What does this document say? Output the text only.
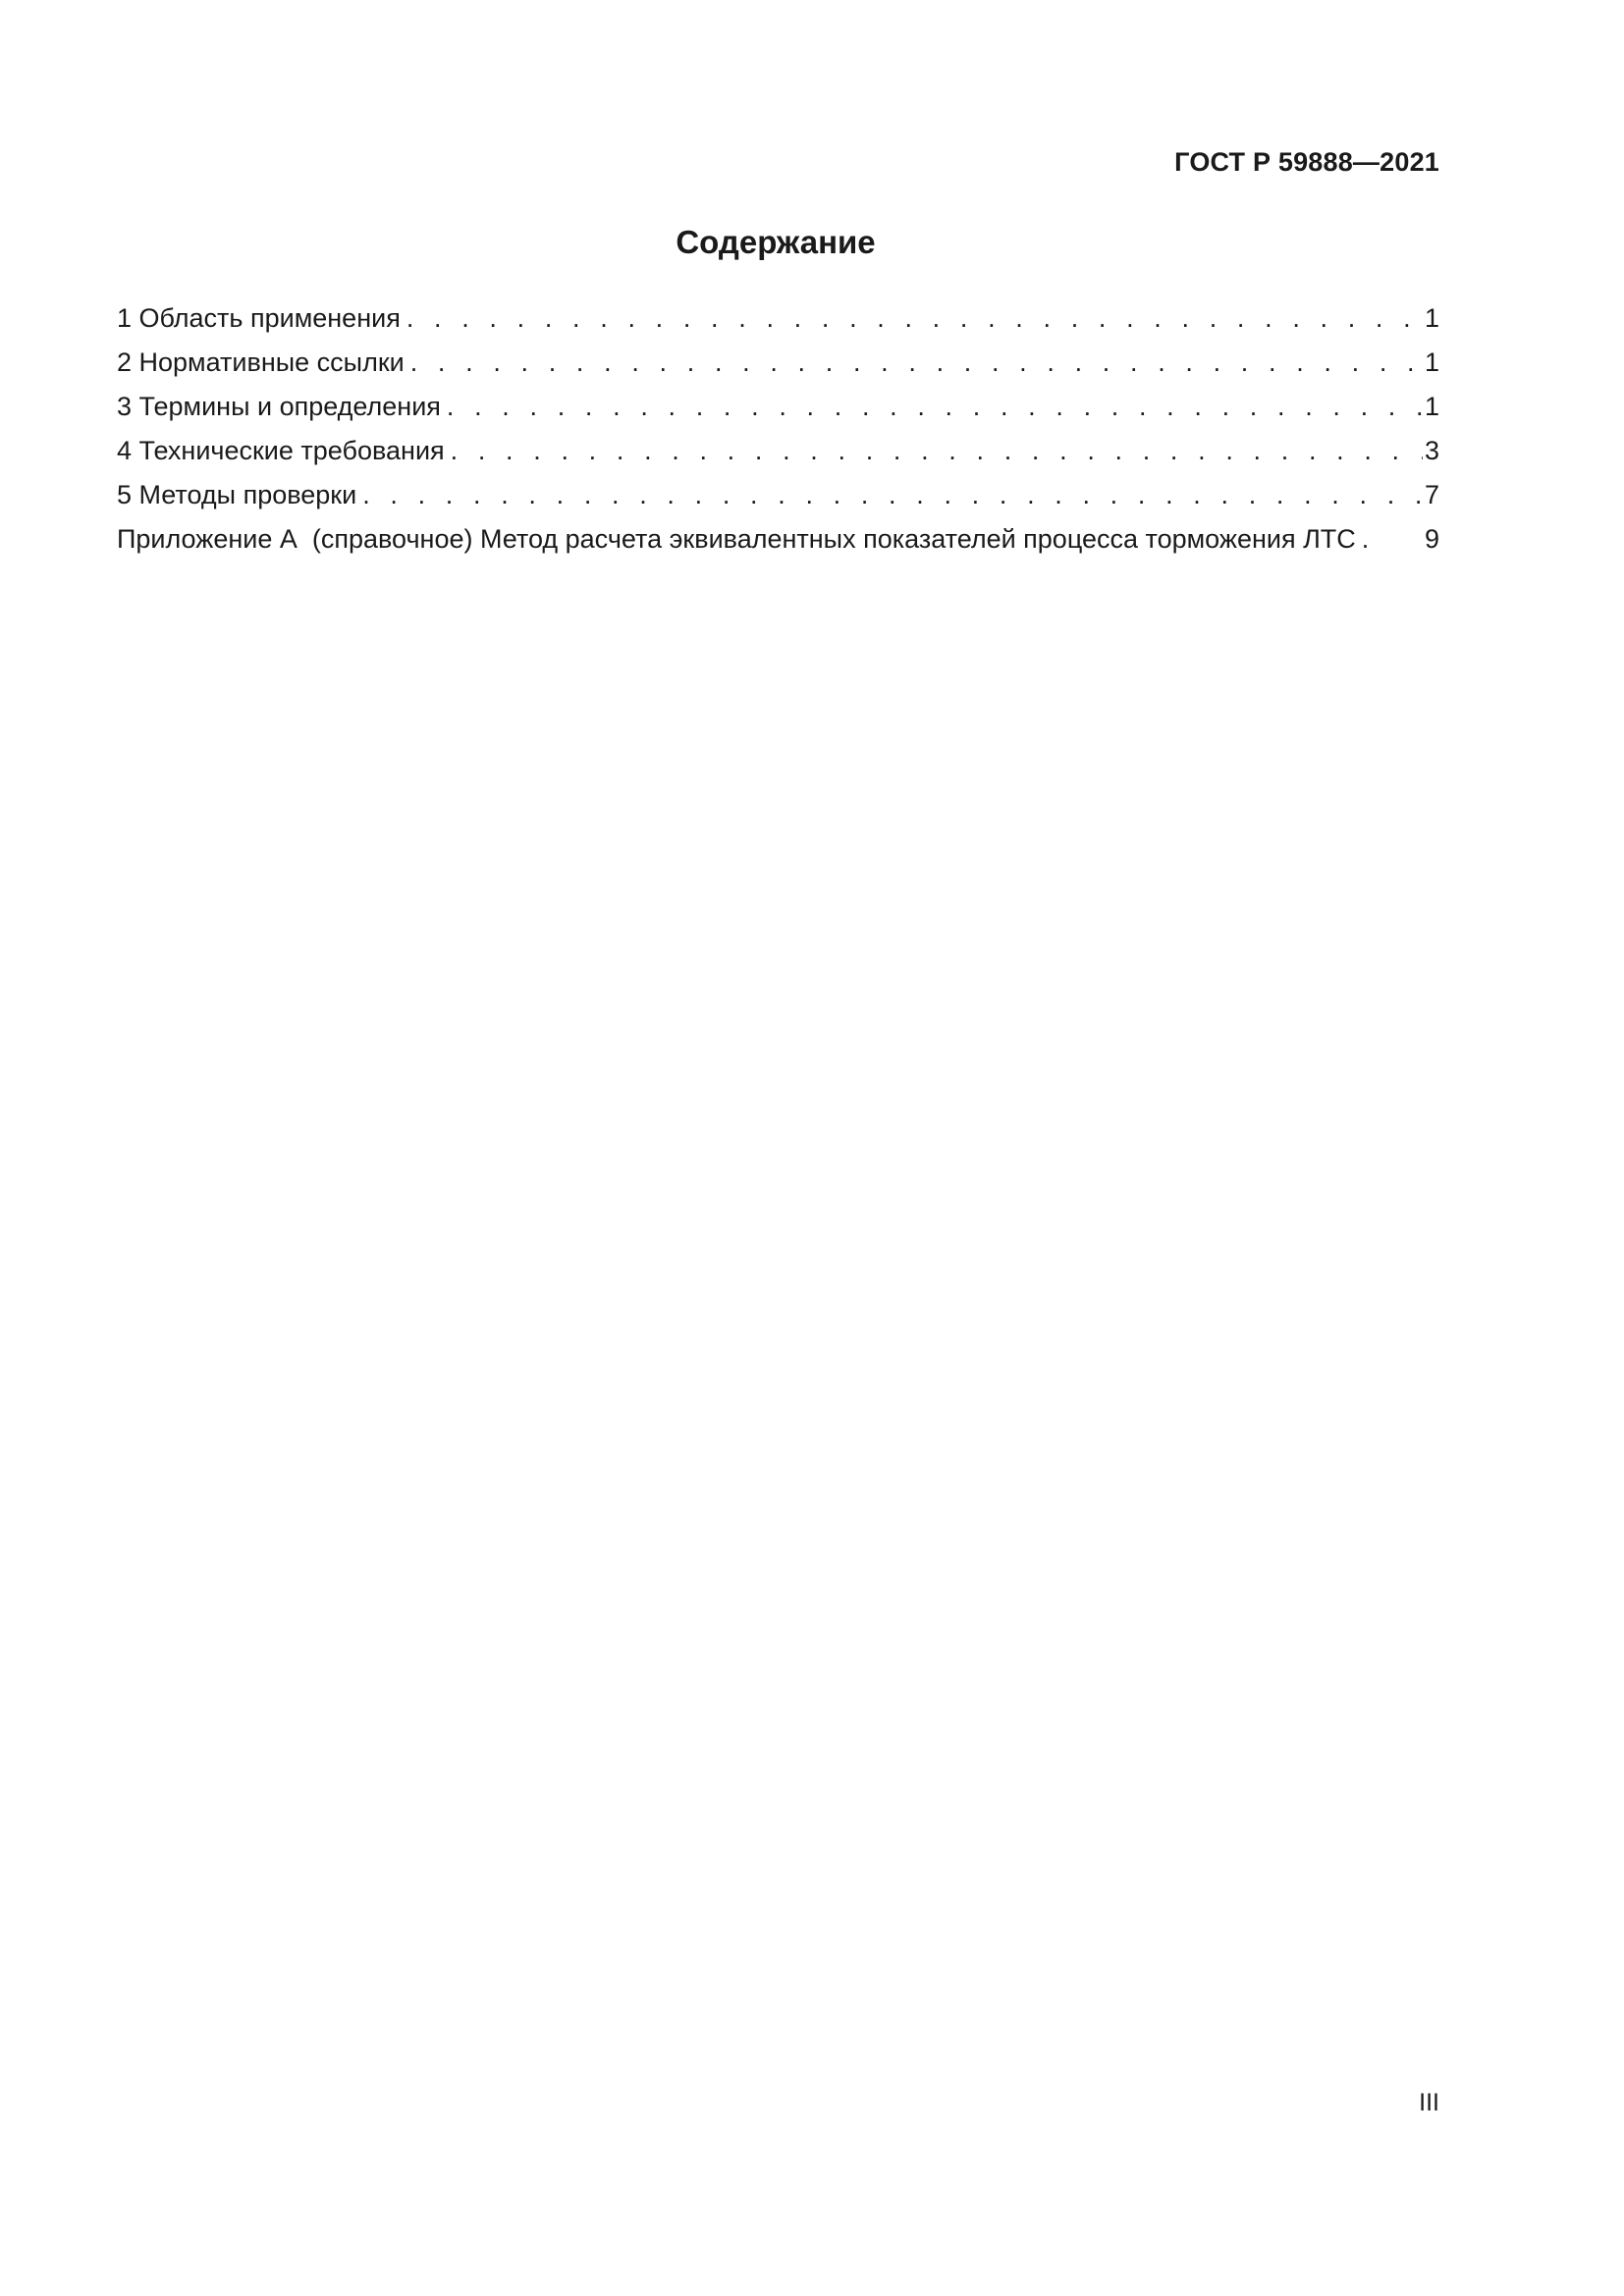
ГОСТ Р 59888—2021
Содержание
1 Область применения . . .	1
2 Нормативные ссылки . . .	1
3 Термины и определения . . .	1
4 Технические требования . . .	3
5 Методы проверки . . .	7
Приложение А  (справочное) Метод расчета эквивалентных показателей процесса торможения ЛТС .	9
III
